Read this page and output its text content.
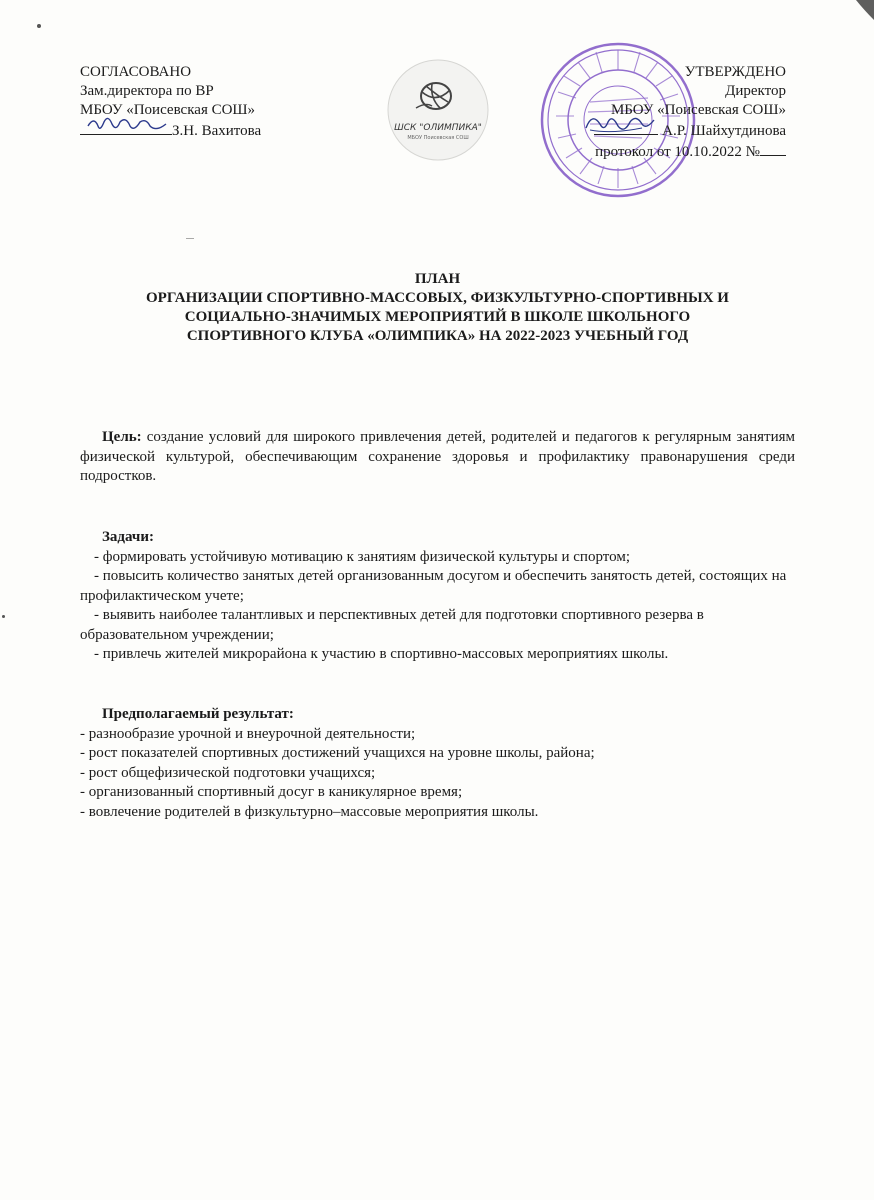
СОГЛАСОВАНО
Зам.директора по ВР
МБОУ «Поисевская СОШ»
З.Н. Вахитова	ШСК "ОЛИМПИКА"
МБОУ Поисевская СОШ
УТВЕРЖДЕНО
Директор
МБОУ «Поисевская СОШ»
А.Р. Шайхутдинова
протокол от 10.10.2022 №
ПЛАН
ОРГАНИЗАЦИИ СПОРТИВНО-МАССОВЫХ, ФИЗКУЛЬТУРНО-СПОРТИВНЫХ И
СОЦИАЛЬНО-ЗНАЧИМЫХ МЕРОПРИЯТИЙ В ШКОЛЕ ШКОЛЬНОГО
СПОРТИВНОГО КЛУБА «ОЛИМПИКА» НА 2022-2023 УЧЕБНЫЙ ГОД
Цель: создание условий для широкого привлечения детей, родителей и педагогов к регулярным занятиям физической культурой, обеспечивающим сохранение здоровья и профилактику правонарушения среди подростков.
Задачи:
- формировать устойчивую мотивацию к занятиям физической культуры и спортом;
- повысить количество занятых детей организованным досугом и обеспечить занятость детей, состоящих на профилактическом учете;
- выявить наиболее талантливых и перспективных детей для подготовки спортивного резерва в образовательном учреждении;
- привлечь жителей микрорайона к участию в спортивно-массовых мероприятиях школы.
Предполагаемый результат:
- разнообразие урочной и внеурочной деятельности;
- рост показателей спортивных достижений учащихся на уровне школы, района;
- рост общефизической подготовки учащихся;
- организованный спортивный досуг в каникулярное время;
- вовлечение родителей в физкультурно–массовые мероприятия школы.
